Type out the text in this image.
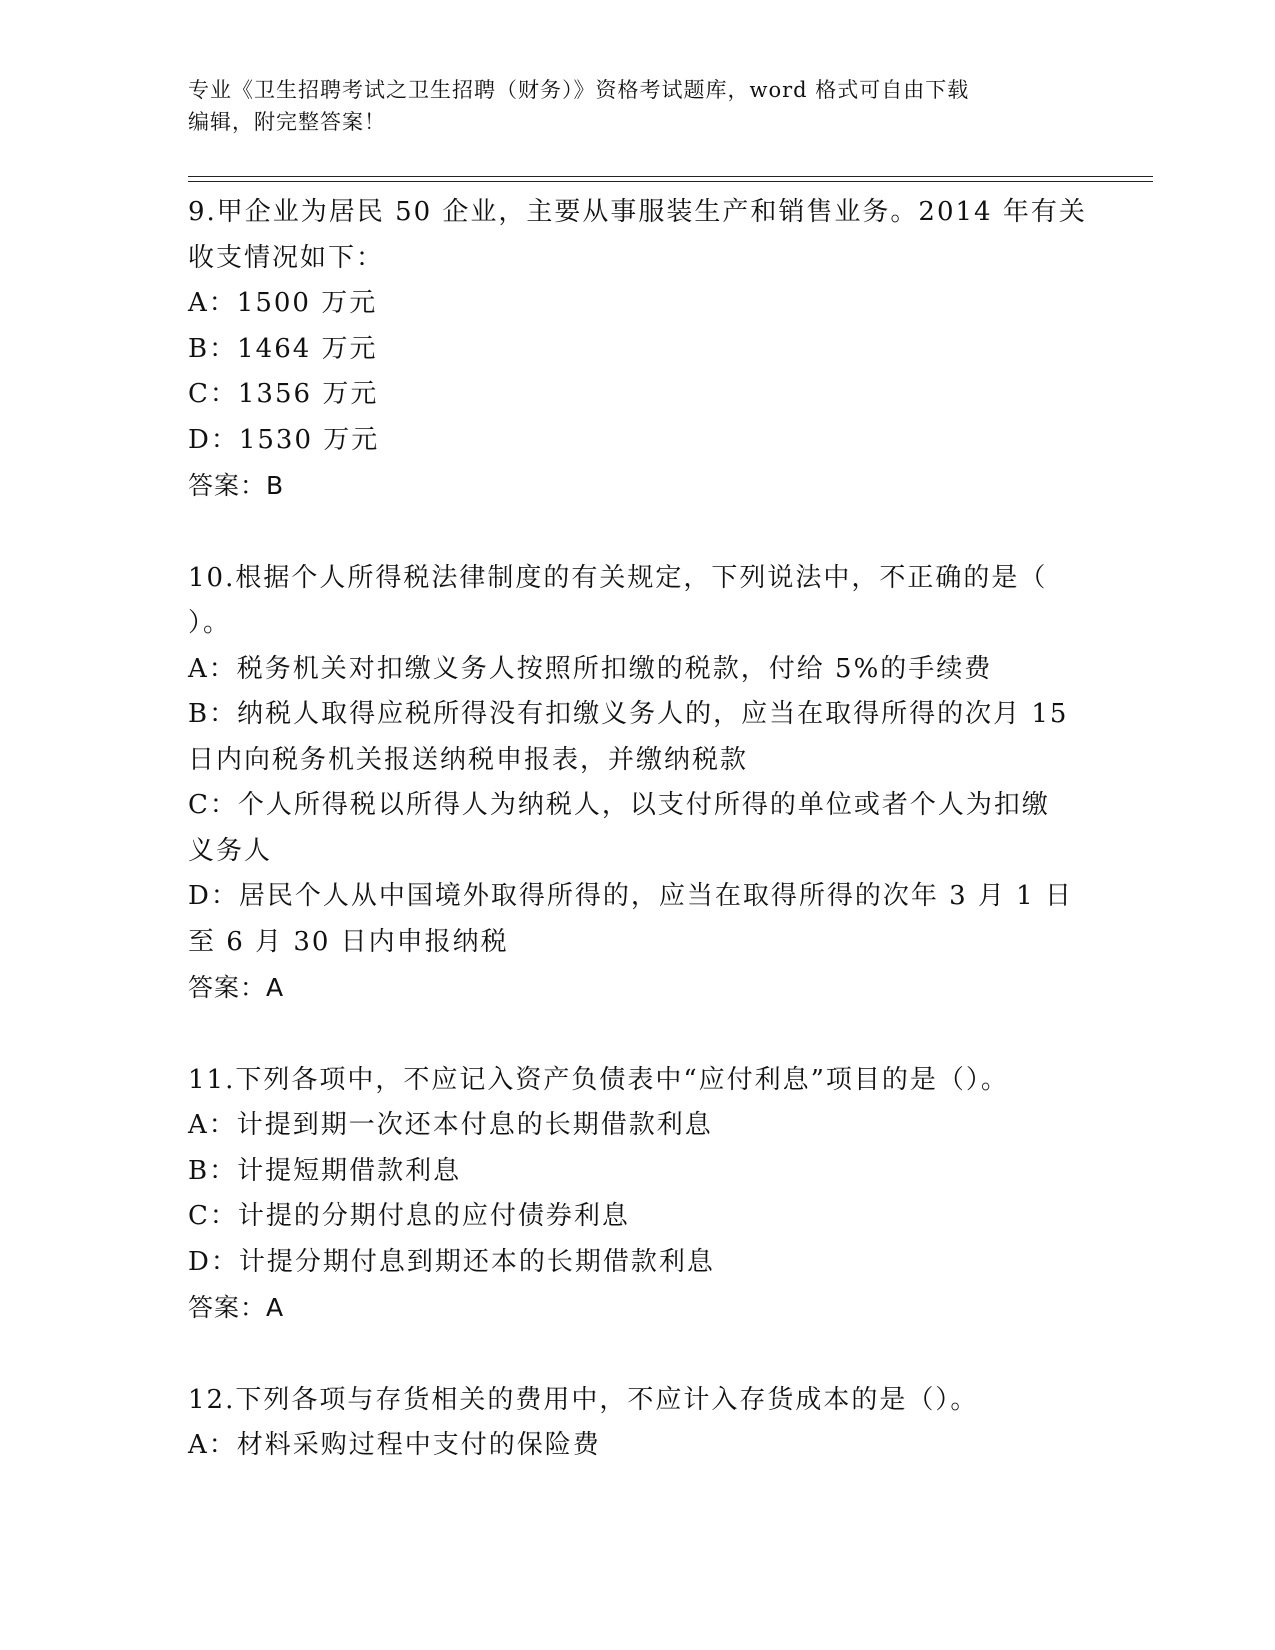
专业《卫生招聘考试之卫生招聘（财务）》资格考试题库，word 格式可自由下载
编辑，附完整答案！
9.甲企业为居民 50 企业，主要从事服装生产和销售业务。2014 年有关
收支情况如下：
A：1500 万元
B：1464 万元
C：1356 万元
D：1530 万元
答案：B
10.根据个人所得税法律制度的有关规定，下列说法中，不正确的是（
）。
A：税务机关对扣缴义务人按照所扣缴的税款，付给 5%的手续费
B：纳税人取得应税所得没有扣缴义务人的，应当在取得所得的次月 15
日内向税务机关报送纳税申报表，并缴纳税款
C：个人所得税以所得人为纳税人，以支付所得的单位或者个人为扣缴
义务人
D：居民个人从中国境外取得所得的，应当在取得所得的次年 3 月 1 日
至 6 月 30 日内申报纳税
答案：A
11.下列各项中，不应记入资产负债表中“应付利息”项目的是（）。
A：计提到期一次还本付息的长期借款利息
B：计提短期借款利息
C：计提的分期付息的应付债券利息
D：计提分期付息到期还本的长期借款利息
答案：A
12.下列各项与存货相关的费用中，不应计入存货成本的是（）。
A：材料采购过程中支付的保险费
